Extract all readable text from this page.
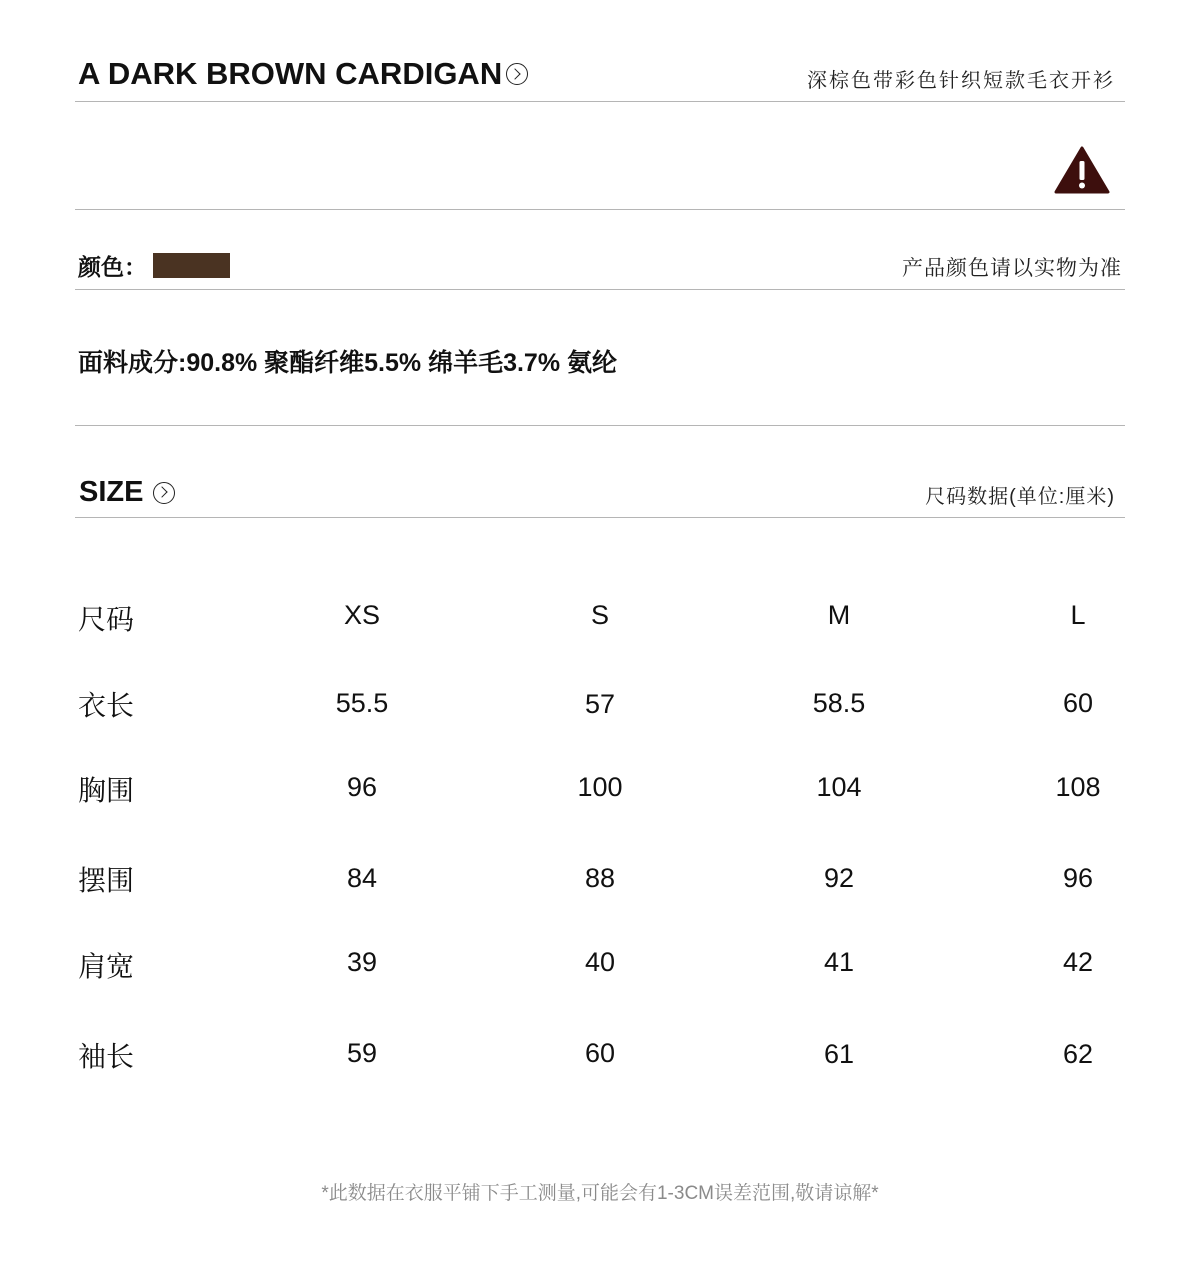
A DARK BROWN CARDIGAN	深棕色带彩色针织短款毛衣开衫
颜色：	产品颜色请以实物为准
面料成分:90.8% 聚酯纤维5.5% 绵羊毛3.7% 氨纶
SIZE	尺码数据(单位:厘米)
尺码	XS	S	M	L
衣长	55.5	57	58.5	60
胸围	96	100	104	108
摆围	84	88	92	96
肩宽	39	40	41	42
袖长	59	60	61	62
*此数据在衣服平铺下手工测量,可能会有1-3CM误差范围,敬请谅解*
